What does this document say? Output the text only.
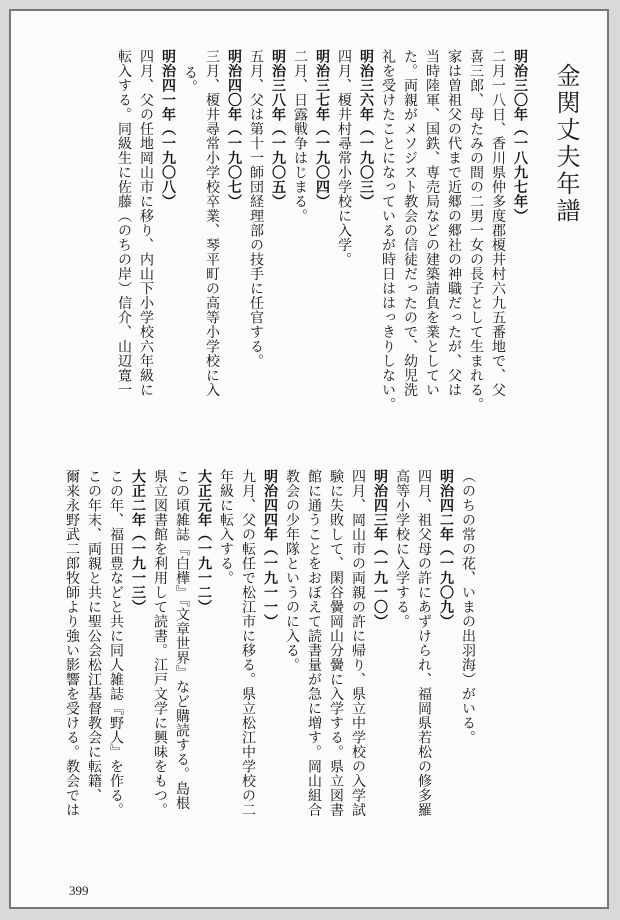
金関丈夫年譜
明治三〇年（一八九七年）
二月一八日、香川県仲多度郡榎井村六九五番地で、父
喜三郎、母たみの間の二男一女の長子として生まれる。
家は曽祖父の代まで近郷の郷社の神職だったが、父は
当時陸軍、国鉄、専売局などの建築請負を業としてい
た。両親がメソジスト教会の信徒だったので、幼児洗
礼を受けたことになっているが時日ははっきりしない。
明治三六年（一九〇三）
四月、榎井村尋常小学校に入学。
明治三七年（一九〇四）
二月、日露戦争はじまる。
明治三八年（一九〇五）
五月、父は第十一師団経理部の技手に任官する。
明治四〇年（一九〇七）
三月、榎井尋常小学校卒業、琴平町の高等小学校に入
る。
明治四一年（一九〇八）
四月、父の任地岡山市に移り、内山下小学校六年級に
転入する。同級生に佐藤（のちの岸）信介、山辺寛一
（のちの常の花、いまの出羽海）がいる。
明治四二年（一九〇九）
四月、祖父母の許にあずけられ、福岡県若松の修多羅
高等小学校に入学する。
明治四三年（一九一〇）
四月、岡山市の両親の許に帰り、県立中学校の入学試
験に失敗して、閑谷黌岡山分黌に入学する。県立図書
館に通うことをおぼえて読書量が急に増す。岡山組合
教会の少年隊というのに入る。
明治四四年（一九一一）
九月、父の転任で松江市に移る。県立松江中学校の二
年級に転入する。
大正元年（一九一二）
この頃雑誌『白樺』『文章世界』など購読する。島根
県立図書館を利用して読書。江戸文学に興味をもつ。
大正二年（一九一三）
この年、福田豊などと共に同人雑誌『野人』を作る。
この年末、両親と共に聖公会松江基督教会に転籍、
爾来永野武二郎牧師より強い影響を受ける。教会では
399
